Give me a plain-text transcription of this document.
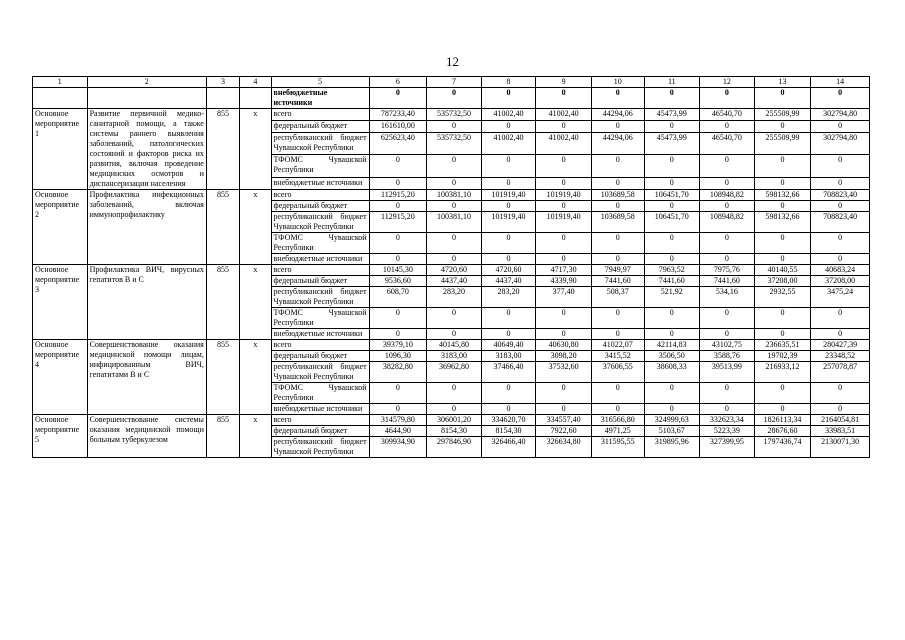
12
1	2	3	4	5	6	7	8	9	10	11	12	13	14
				внебюджетные источники	0	0	0	0	0	0	0	0	0
Основное мероприятие 1	Развитие первичной медико-санитарной помощи, а также системы раннего выявления заболеваний, патологических состояний и факторов риска их развития, включая проведение медицинских осмотров и диспансеризации населения	855	x	всего	787233,40	535732,50	41002,40	41002,40	44294,06	45473,99	46540,70	255509,99	302794,80
				федеральный бюджет	161610,00	0	0	0	0	0	0	0	0
				республиканский бюджет Чувашской Республики	625623,40	535732,50	41002,40	41002,40	44294,06	45473,99	46540,70	255509,99	302794,80
				ТФОМС Чувашской Республики	0	0	0	0	0	0	0	0	0
				внебюджетные источники	0	0	0	0	0	0	0	0	0
Основное мероприятие 2	Профилактика инфекционных заболеваний, включая иммунопрофилактику	855	x	всего	112915,20	100381,10	101919,40	101919,40	103689,58	106451,70	108948,82	598132,66	708823,40
				федеральный бюджет	0	0	0	0	0	0	0	0	0
				республиканский бюджет Чувашской Республики	112915,20	100381,10	101919,40	101919,40	103689,58	106451,70	108948,82	598132,66	708823,40
				ТФОМС Чувашской Республики	0	0	0	0	0	0	0	0	0
				внебюджетные источники	0	0	0	0	0	0	0	0	0
Основное мероприятие 3	Профилактика ВИЧ, вирусных гепатитов В и С	855	x	всего	10145,30	4720,60	4720,60	4717,30	7949,97	7963,52	7975,76	40140,55	40683,24
				федеральный бюджет	9536,60	4437,40	4437,40	4339,90	7441,60	7441,60	7441,60	37208,00	37208,00
				республиканский бюджет Чувашской Республики	608,70	283,20	283,20	377,40	508,37	521,92	534,16	2932,55	3475,24
				ТФОМС Чувашской Республики	0	0	0	0	0	0	0	0	0
				внебюджетные источники	0	0	0	0	0	0	0	0	0
Основное мероприятие 4	Совершенствование оказания медицинской помощи лицам, инфицированным ВИЧ, гепатитами В и С	855	x	всего	39379,10	40145,80	40649,40	40630,80	41022,07	42114,83	43102,75	236635,51	280427,39
				федеральный бюджет	1096,30	3183,00	3183,00	3098,20	3415,52	3506,50	3588,76	19702,39	23348,52
				республиканский бюджет Чувашской Республики	38282,80	36962,80	37466,40	37532,60	37606,55	38608,33	39513,99	216933,12	257078,87
				ТФОМС Чувашской Республики	0	0	0	0	0	0	0	0	0
				внебюджетные источники	0	0	0	0	0	0	0	0	0
Основное мероприятие 5	Совершенствование системы оказания медицинской помощи больным туберкулезом	855	x	всего	314579,80	306001,20	334620,70	334557,40	316566,80	324999,63	332623,34	1826113,34	2164054,81
				федеральный бюджет	4644,90	8154,30	8154,30	7922,60	4971,25	5103,67	5223,39	28676,60	33983,51
				республиканский бюджет Чувашской Республики	309934,90	297846,90	326466,40	326634,80	311595,55	319895,96	327399,95	1797436,74	2130071,30
